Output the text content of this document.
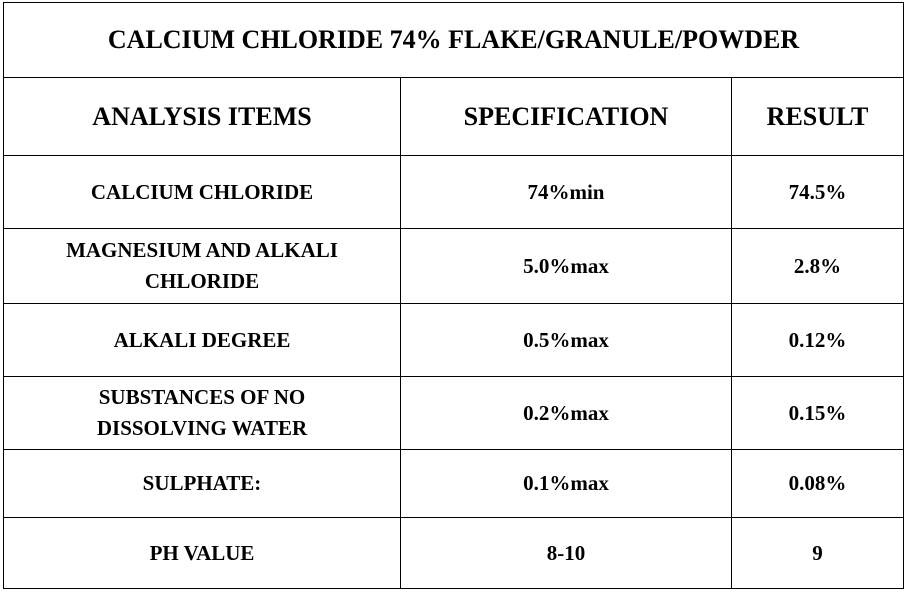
CALCIUM CHLORIDE 74% FLAKE/GRANULE/POWDER		
ANALYSIS ITEMS	SPECIFICATION	RESULT
CALCIUM CHLORIDE	74%min	74.5%

MAGNESIUM AND ALKALI
CHLORIDE	5.0%max	2.8%
ALKALI DEGREE	0.5%max	0.12%

SUBSTANCES OF NO
DISSOLVING WATER	0.2%max	0.15%
SULPHATE:	0.1%max	0.08%
PH VALUE	8-10	9
